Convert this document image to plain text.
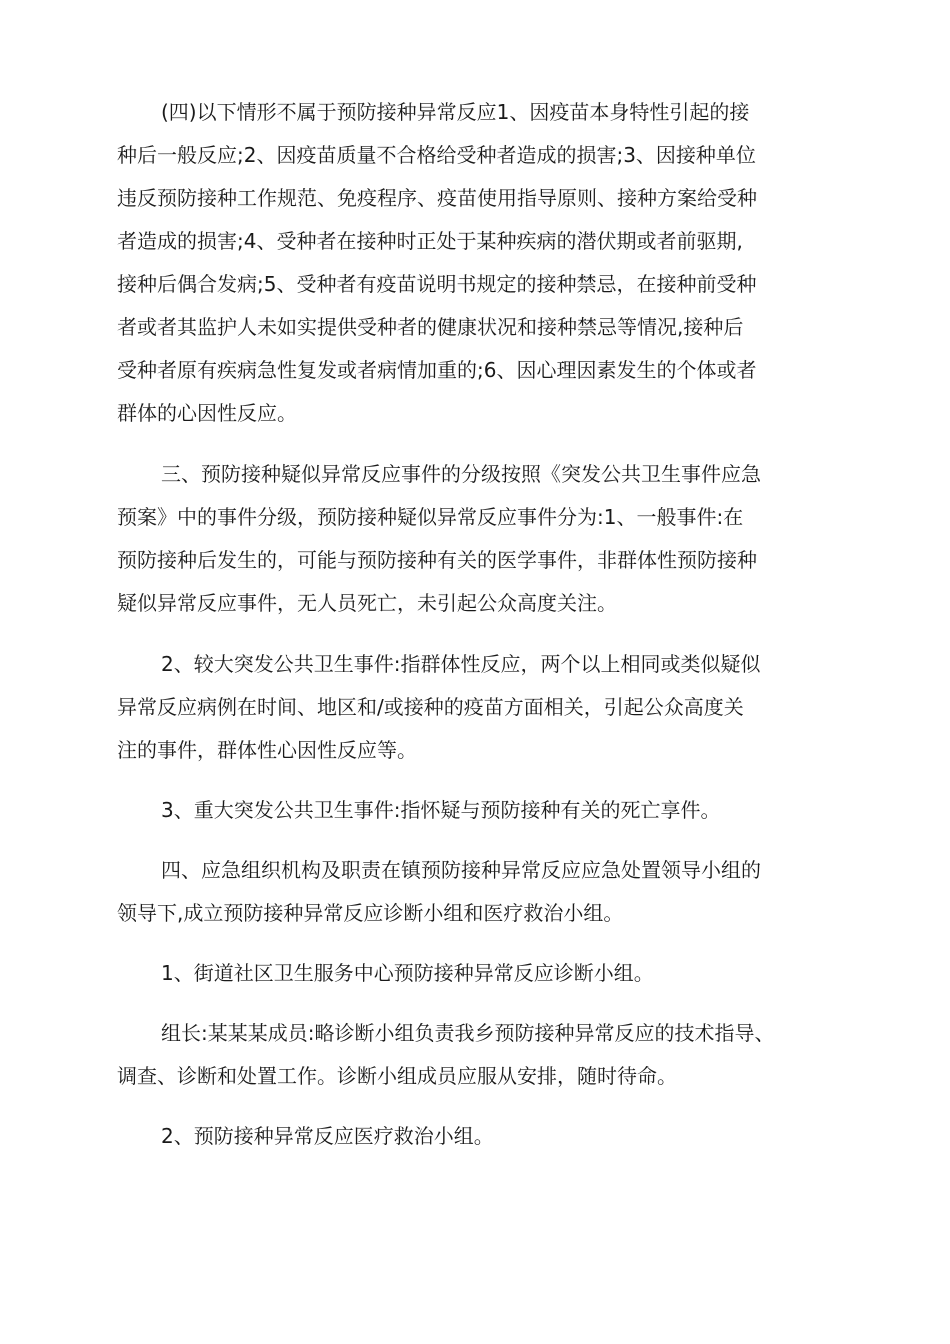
(四)以下情形不属于预防接种异常反应1、因疫苗本身特性引起的接
种后一般反应;2、因疫苗质量不合格给受种者造成的损害;3、因接种单位
违反预防接种工作规范、免疫程序、疫苗使用指导原则、接种方案给受种
者造成的损害;4、受种者在接种时正处于某种疾病的潜伏期或者前驱期,
接种后偶合发病;5、受种者有疫苗说明书规定的接种禁忌，在接种前受种
者或者其监护人未如实提供受种者的健康状况和接种禁忌等情况,接种后
受种者原有疾病急性复发或者病情加重的;6、因心理因素发生的个体或者
群体的心因性反应。

三、预防接种疑似异常反应事件的分级按照《突发公共卫生事件应急
预案》中的事件分级，预防接种疑似异常反应事件分为:1、一般事件:在
预防接种后发生的，可能与预防接种有关的医学事件，非群体性预防接种
疑似异常反应事件，无人员死亡，未引起公众高度关注。

2、较大突发公共卫生事件:指群体性反应，两个以上相同或类似疑似
异常反应病例在时间、地区和/或接种的疫苗方面相关，引起公众高度关
注的事件，群体性心因性反应等。

3、重大突发公共卫生事件:指怀疑与预防接种有关的死亡享件。

四、应急组织机构及职责在镇预防接种异常反应应急处置领导小组的
领导下,成立预防接种异常反应诊断小组和医疗救治小组。

1、街道社区卫生服务中心预防接种异常反应诊断小组。

组长:某某某成员:略诊断小组负责我乡预防接种异常反应的技术指导、
调查、诊断和处置工作。诊断小组成员应服从安排，随时待命。

2、预防接种异常反应医疗救治小组。
